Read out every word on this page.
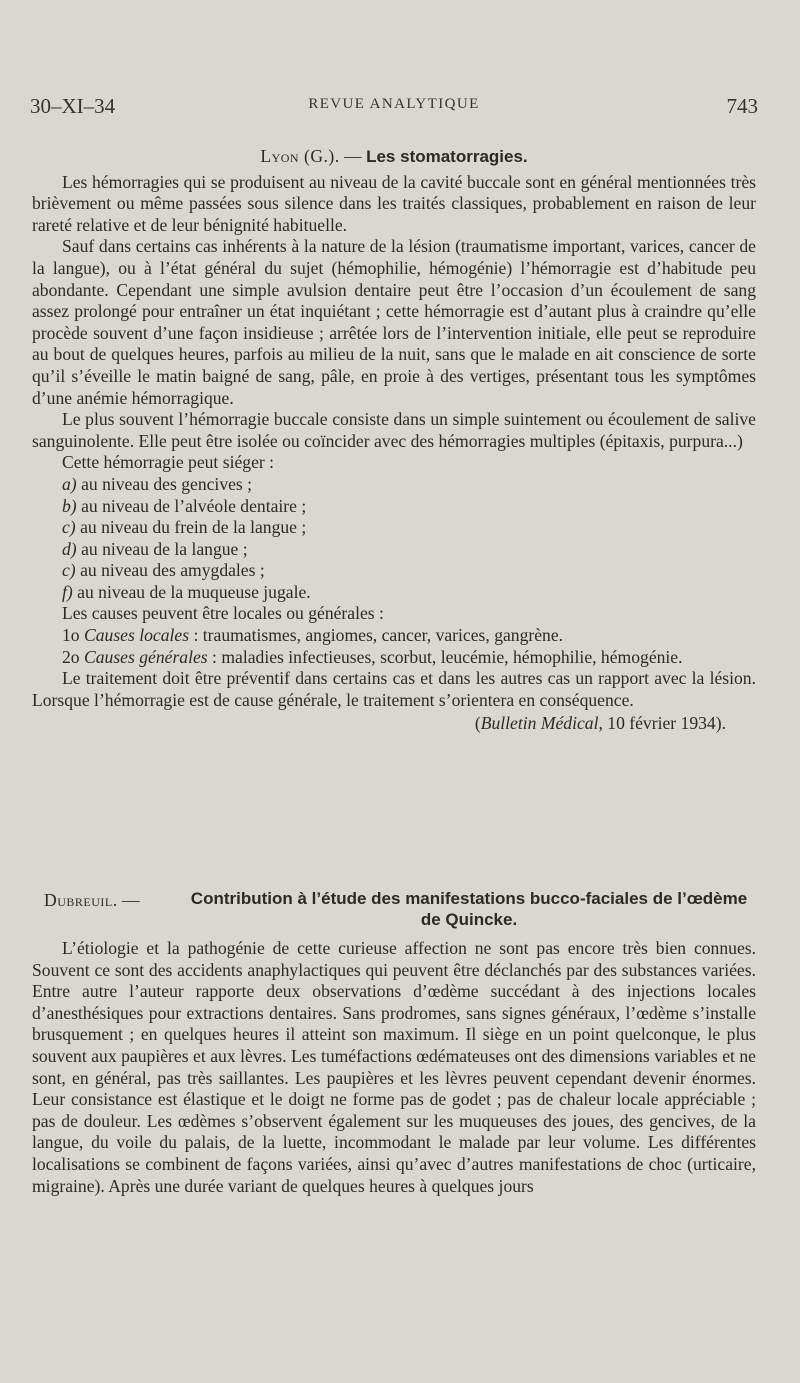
30–XI–34	REVUE ANALYTIQUE	743
Lyon (G.). — Les stomatorragies.

Les hémorragies qui se produisent au niveau de la cavité buccale sont en général mentionnées très brièvement ou même passées sous silence dans les traités classiques, probablement en raison de leur rareté relative et de leur bénignité habituelle.

Sauf dans certains cas inhérents à la nature de la lésion (traumatisme important, varices, cancer de la langue), ou à l’état général du sujet (hémophilie, hémogénie) l’hémorragie est d’habitude peu abondante. Cependant une simple avulsion dentaire peut être l’occasion d’un écoulement de sang assez prolongé pour entraîner un état inquiétant ; cette hémorragie est d’autant plus à craindre qu’elle procède souvent d’une façon insidieuse ; arrêtée lors de l’intervention initiale, elle peut se reproduire au bout de quelques heures, parfois au milieu de la nuit, sans que le malade en ait conscience de sorte qu’il s’éveille le matin baigné de sang, pâle, en proie à des vertiges, présentant tous les symptômes d’une anémie hémorragique.

Le plus souvent l’hémorragie buccale consiste dans un simple suintement ou écoulement de salive sanguinolente. Elle peut être isolée ou coïncider avec des hémorragies multiples (épitaxis, purpura...)

Cette hémorragie peut siéger :

a) au niveau des gencives ;
b) au niveau de l’alvéole dentaire ;
c) au niveau du frein de la langue ;
d) au niveau de la langue ;
c) au niveau des amygdales ;
f) au niveau de la muqueuse jugale.

Les causes peuvent être locales ou générales :

1o Causes locales : traumatismes, angiomes, cancer, varices, gangrène.
2o Causes générales : maladies infectieuses, scorbut, leucémie, hémophilie, hémogénie.

Le traitement doit être préventif dans certains cas et dans les autres cas un rapport avec la lésion. Lorsque l’hémorragie est de cause générale, le traitement s’orientera en conséquence.

(Bulletin Médical, 10 février 1934).
Dubreuil. —	Contribution à l’étude des manifestations bucco-faciales de l’œdème de Quincke.

L’étiologie et la pathogénie de cette curieuse affection ne sont pas encore très bien connues. Souvent ce sont des accidents anaphylactiques qui peuvent être déclanchés par des substances variées. Entre autre l’auteur rapporte deux observations d’œdème succédant à des injections locales d’anesthésiques pour extractions dentaires. Sans prodromes, sans signes généraux, l’œdème s’installe brusquement ; en quelques heures il atteint son maximum. Il siège en un point quelconque, le plus souvent aux paupières et aux lèvres. Les tuméfactions œdémateuses ont des dimensions variables et ne sont, en général, pas très saillantes. Les paupières et les lèvres peuvent cependant devenir énormes. Leur consistance est élastique et le doigt ne forme pas de godet ; pas de chaleur locale appréciable ; pas de douleur. Les œdèmes s’observent également sur les muqueuses des joues, des gencives, de la langue, du voile du palais, de la luette, incommodant le malade par leur volume. Les différentes localisations se combinent de façons variées, ainsi qu’avec d’autres manifestations de choc (urticaire, migraine). Après une durée variant de quelques heures à quelques jours
